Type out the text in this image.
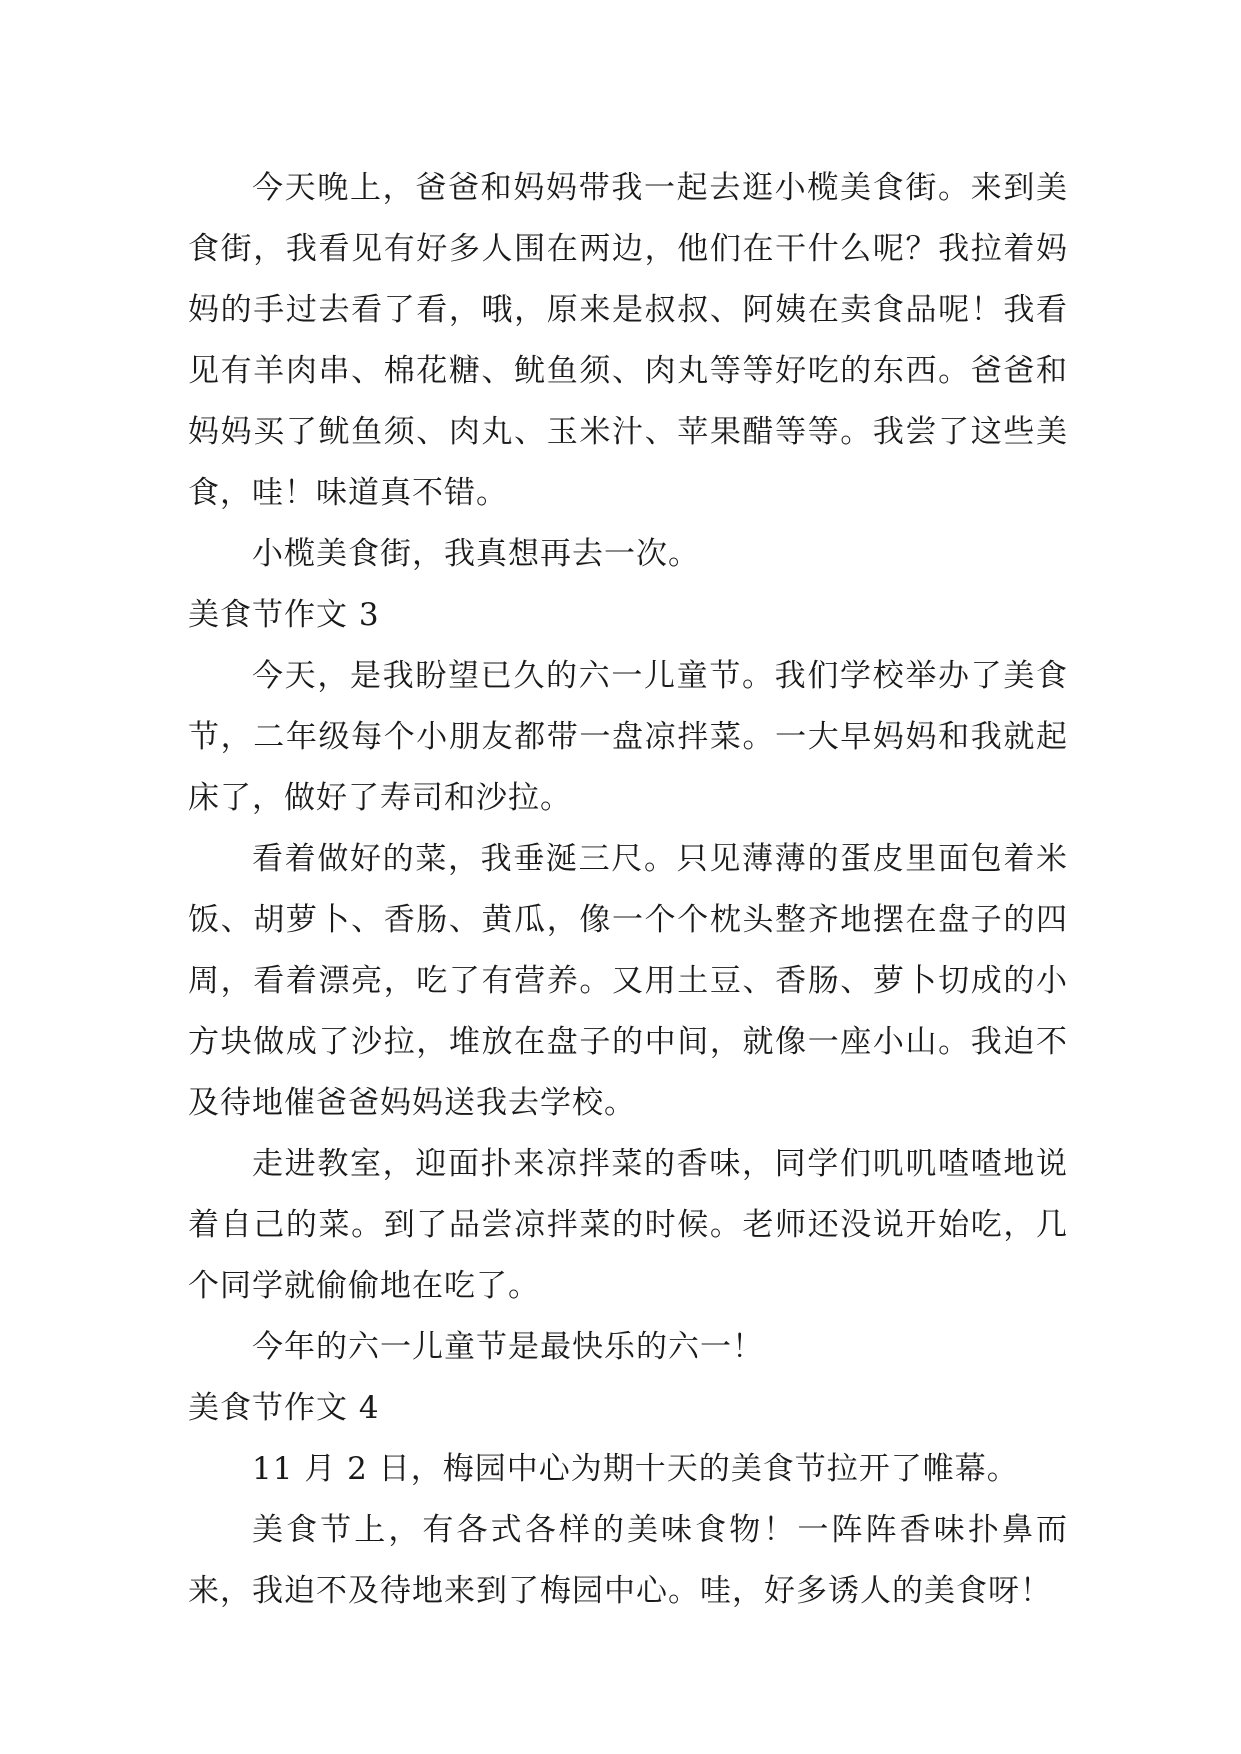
今天晚上，爸爸和妈妈带我一起去逛小榄美食街。来到美食街，我看见有好多人围在两边，他们在干什么呢？我拉着妈妈的手过去看了看，哦，原来是叔叔、阿姨在卖食品呢！我看见有羊肉串、棉花糖、鱿鱼须、肉丸等等好吃的东西。爸爸和妈妈买了鱿鱼须、肉丸、玉米汁、苹果醋等等。我尝了这些美食，哇！味道真不错。

小榄美食街，我真想再去一次。

美食节作文 3

今天，是我盼望已久的六一儿童节。我们学校举办了美食节，二年级每个小朋友都带一盘凉拌菜。一大早妈妈和我就起床了，做好了寿司和沙拉。

看着做好的菜，我垂涎三尺。只见薄薄的蛋皮里面包着米饭、胡萝卜、香肠、黄瓜，像一个个枕头整齐地摆在盘子的四周，看着漂亮，吃了有营养。又用土豆、香肠、萝卜切成的小方块做成了沙拉，堆放在盘子的中间，就像一座小山。我迫不及待地催爸爸妈妈送我去学校。

走进教室，迎面扑来凉拌菜的香味，同学们叽叽喳喳地说着自己的菜。到了品尝凉拌菜的时候。老师还没说开始吃，几个同学就偷偷地在吃了。

今年的六一儿童节是最快乐的六一！

美食节作文 4

11 月 2 日，梅园中心为期十天的美食节拉开了帷幕。

美食节上，有各式各样的美味食物！一阵阵香味扑鼻而来，我迫不及待地来到了梅园中心。哇，好多诱人的美食呀！
